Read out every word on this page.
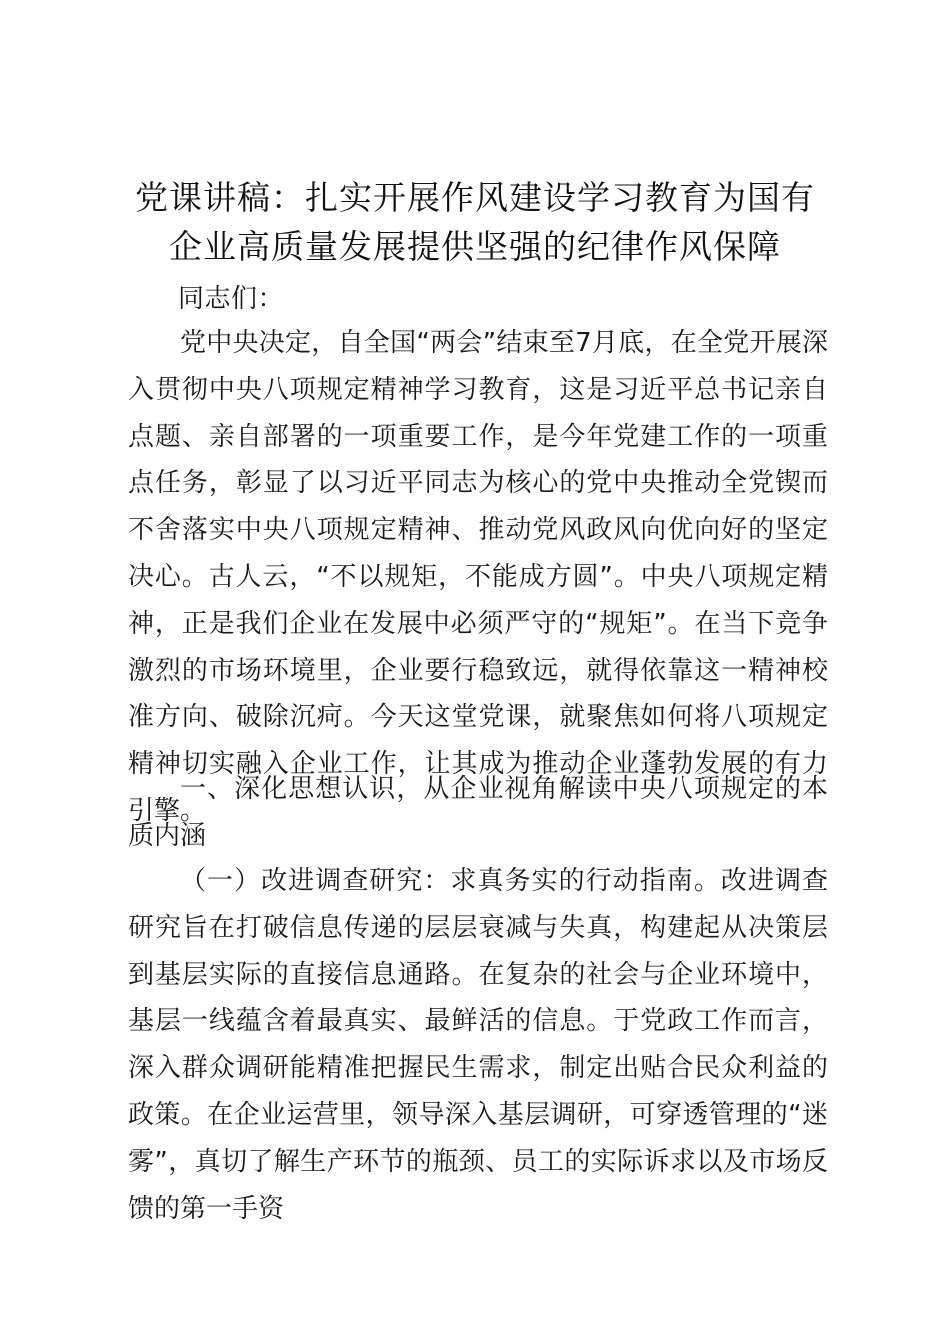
党课讲稿：扎实开展作风建设学习教育为国有
企业高质量发展提供坚强的纪律作风保障
同志们：
党中央决定，自全国“两会”结束至7月底，在全党开展深入贯彻中央八项规定精神学习教育，这是习近平总书记亲自点题、亲自部署的一项重要工作，是今年党建工作的一项重点任务，彰显了以习近平同志为核心的党中央推动全党锲而不舍落实中央八项规定精神、推动党风政风向优向好的坚定决心。古人云，“不以规矩，不能成方圆”。中央八项规定精神，正是我们企业在发展中必须严守的“规矩”。在当下竞争激烈的市场环境里，企业要行稳致远，就得依靠这一精神校准方向、破除沉疴。今天这堂党课，就聚焦如何将八项规定精神切实融入企业工作，让其成为推动企业蓬勃发展的有力引擎。
一、深化思想认识，从企业视角解读中央八项规定的本质内涵
（一）改进调查研究：求真务实的行动指南。改进调查研究旨在打破信息传递的层层衰减与失真，构建起从决策层到基层实际的直接信息通路。在复杂的社会与企业环境中，基层一线蕴含着最真实、最鲜活的信息。于党政工作而言，深入群众调研能精准把握民生需求，制定出贴合民众利益的政策。在企业运营里，领导深入基层调研，可穿透管理的“迷雾”，真切了解生产环节的瓶颈、员工的实际诉求以及市场反馈的第一手资
